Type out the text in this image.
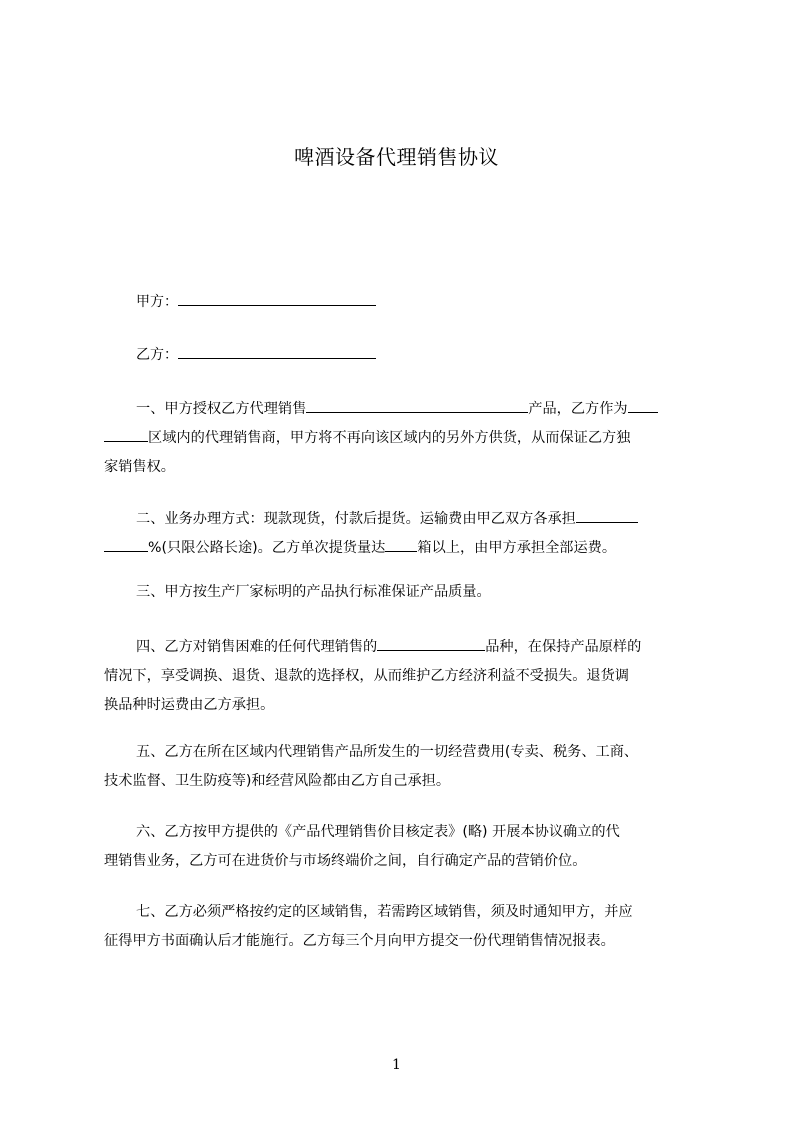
啤酒设备代理销售协议
甲方：
乙方：
一、甲方授权乙方代理销售	产品，乙方作为
区域内的代理销售商，甲方将不再向该区域内的另外方供货，从而保证乙方独
家销售权。
二、业务办理方式：现款现货，付款后提货。运输费由甲乙双方各承担
%(只限公路长途)。乙方单次提货量达 箱以上，由甲方承担全部运费。
三、甲方按生产厂家标明的产品执行标准保证产品质量。
四、乙方对销售困难的任何代理销售的	品种，在保持产品原样的
情况下，享受调换、退货、退款的选择权，从而维护乙方经济利益不受损失。退货调
换品种时运费由乙方承担。
五、乙方在所在区域内代理销售产品所发生的一切经营费用(专卖、税务、工商、
技术监督、卫生防疫等)和经营风险都由乙方自己承担。
六、乙方按甲方提供的《产品代理销售价目核定表》(略) 开展本协议确立的代
理销售业务，乙方可在进货价与市场终端价之间，自行确定产品的营销价位。
七、乙方必须严格按约定的区域销售，若需跨区域销售，须及时通知甲方，并应
征得甲方书面确认后才能施行。乙方每三个月向甲方提交一份代理销售情况报表。
1
